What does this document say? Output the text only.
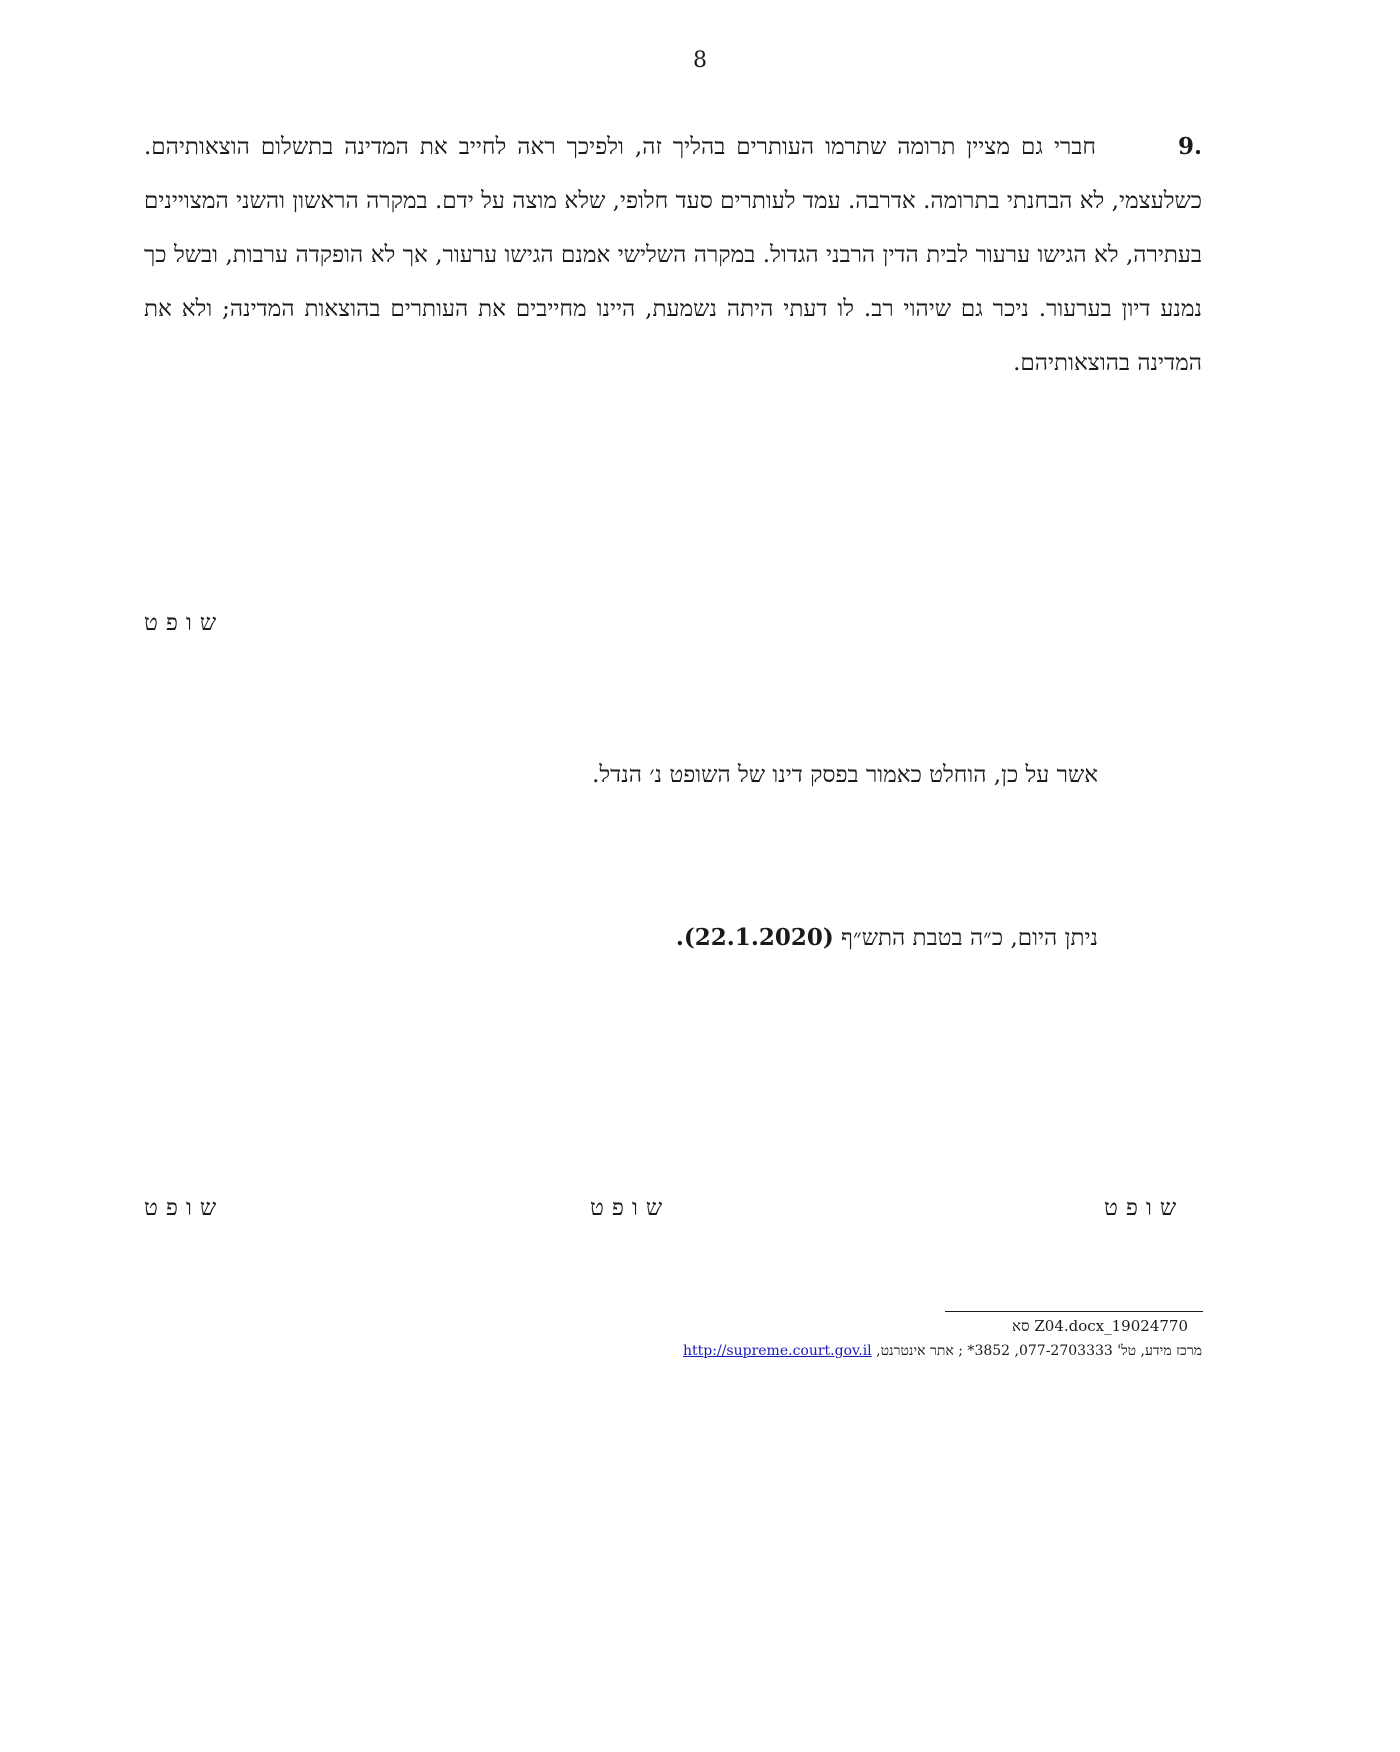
8
.9חברי גם מציין תרומה שתרמו העותרים בהליך זה, ולפיכך ראה לחייב את המדינה בתשלום הוצאותיהם. כשלעצמי, לא הבחנתי בתרומה. אדרבה. עמד לעותרים סעד חלופי, שלא מוצה על ידם. במקרה הראשון והשני המצויינים בעתירה, לא הגישו ערעור לבית הדין הרבני הגדול. במקרה השלישי אמנם הגישו ערעור, אך לא הופקדה ערבות, ובשל כך נמנע דיון בערעור. ניכר גם שיהוי רב. לו דעתי היתה נשמעת, היינו מחייבים את העותרים בהוצאות המדינה; ולא את המדינה בהוצאותיהם.
שופט
אשר על כן, הוחלט כאמור בפסק דינו של השופט נ׳ הנדל.
ניתן היום, כ״ה בטבת התש״ף (22.1.2020).
שופט	שופט	שופט
19024770_Z04.docx סא
מרכז מידע, טל' 077-2703333, 3852* ; אתר אינטרנט, http://supreme.court.gov.il
